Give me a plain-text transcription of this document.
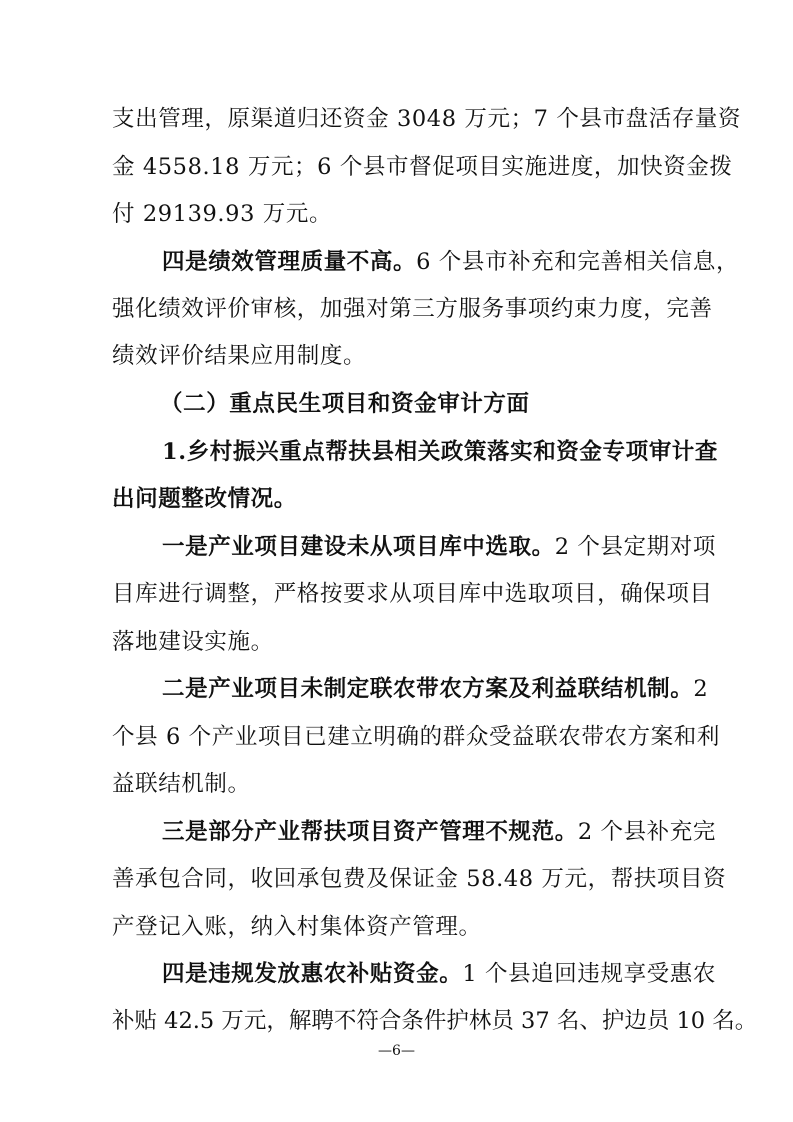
支出管理，原渠道归还资金 3048 万元；7 个县市盘活存量资
金 4558.18 万元；6 个县市督促项目实施进度，加快资金拨
付 29139.93 万元。
四是绩效管理质量不高。6 个县市补充和完善相关信息，
强化绩效评价审核，加强对第三方服务事项约束力度，完善
绩效评价结果应用制度。
（二）重点民生项目和资金审计方面
1.乡村振兴重点帮扶县相关政策落实和资金专项审计查
出问题整改情况。
一是产业项目建设未从项目库中选取。2 个县定期对项
目库进行调整，严格按要求从项目库中选取项目，确保项目
落地建设实施。
二是产业项目未制定联农带农方案及利益联结机制。2
个县 6 个产业项目已建立明确的群众受益联农带农方案和利
益联结机制。
三是部分产业帮扶项目资产管理不规范。2 个县补充完
善承包合同，收回承包费及保证金 58.48 万元，帮扶项目资
产登记入账，纳入村集体资产管理。
四是违规发放惠农补贴资金。1 个县追回违规享受惠农
补贴 42.5 万元，解聘不符合条件护林员 37 名、护边员 10 名。
—6—
